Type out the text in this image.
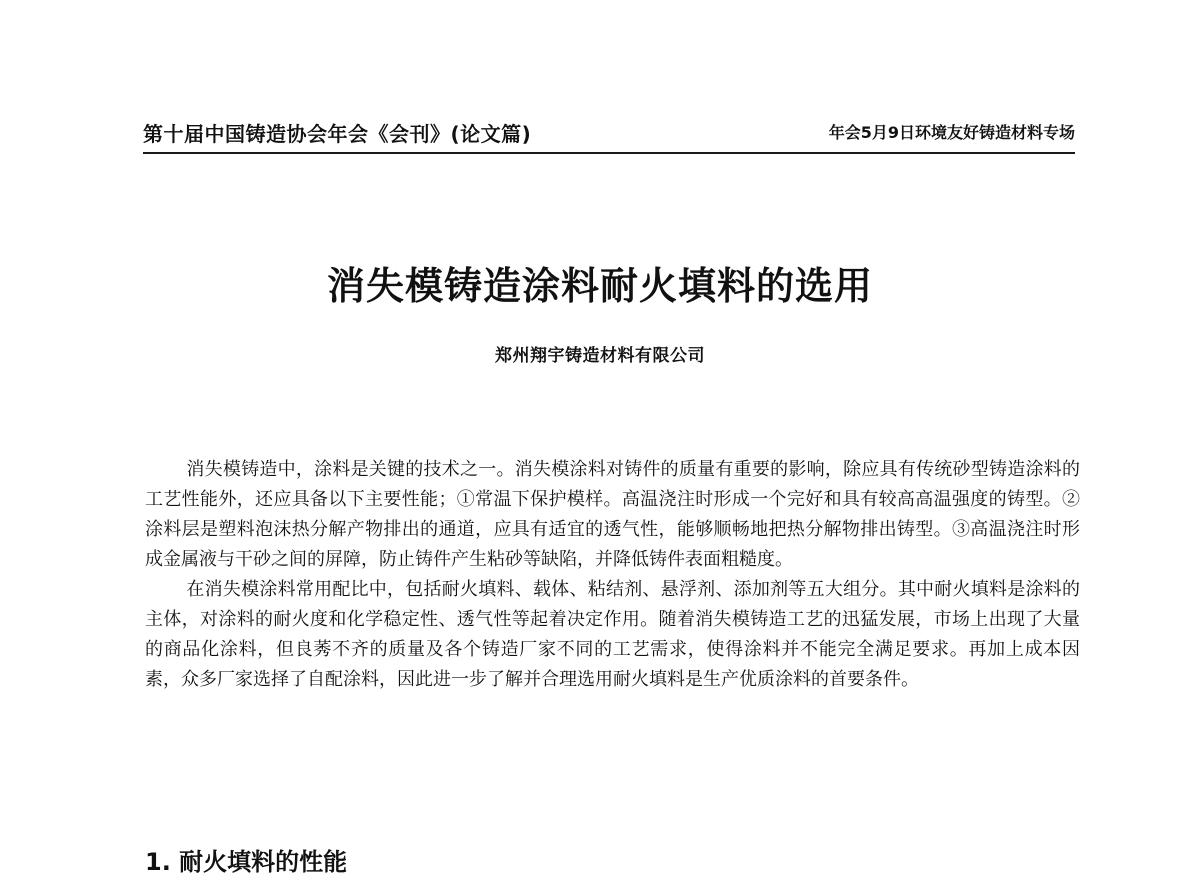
第十届中国铸造协会年会《会刊》(论文篇)	年会5月9日环境友好铸造材料专场
消失模铸造涂料耐火填料的选用
郑州翔宇铸造材料有限公司

消失模铸造中，涂料是关键的技术之一。消失模涂料对铸件的质量有重要的影响，除应具有传统砂型铸造涂料的工艺性能外，还应具备以下主要性能；①常温下保护模样。高温浇注时形成一个完好和具有较高高温强度的铸型。②涂料层是塑料泡沫热分解产物排出的通道，应具有适宜的透气性，能够顺畅地把热分解物排出铸型。③高温浇注时形成金属液与干砂之间的屏障，防止铸件产生粘砂等缺陷，并降低铸件表面粗糙度。

在消失模涂料常用配比中，包括耐火填料、载体、粘结剂、悬浮剂、添加剂等五大组分。其中耐火填料是涂料的主体，对涂料的耐火度和化学稳定性、透气性等起着决定作用。随着消失模铸造工艺的迅猛发展，市场上出现了大量的商品化涂料，但良莠不齐的质量及各个铸造厂家不同的工艺需求，使得涂料并不能完全满足要求。再加上成本因素，众多厂家选择了自配涂料，因此进一步了解并合理选用耐火填料是生产优质涂料的首要条件。

1. 耐火填料的性能
